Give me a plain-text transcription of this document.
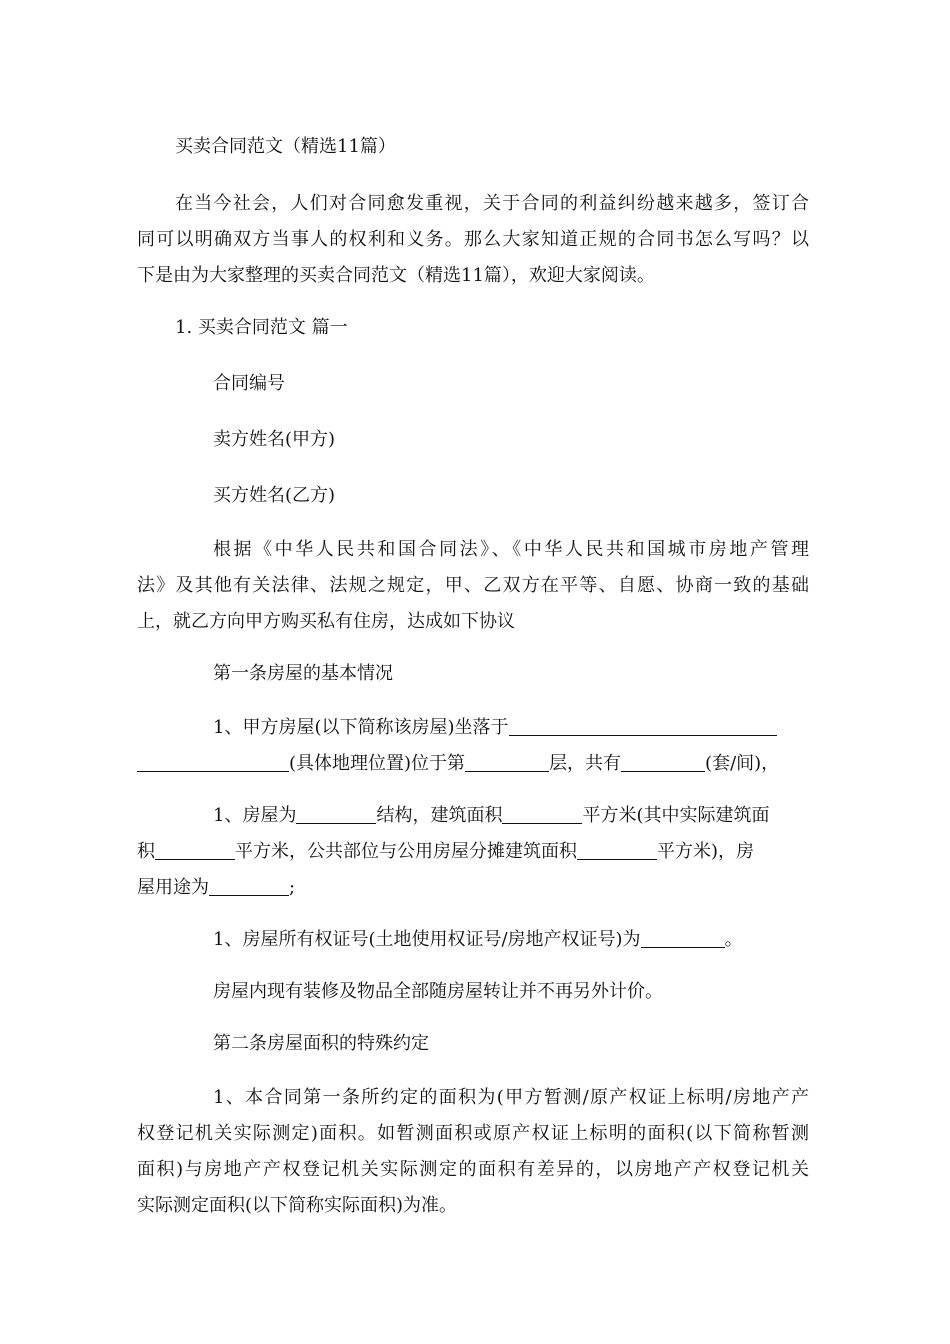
买卖合同范文（精选11篇）

在当今社会，人们对合同愈发重视，关于合同的利益纠纷越来越多，签订合

同可以明确双方当事人的权利和义务。那么大家知道正规的合同书怎么写吗？以

下是由为大家整理的买卖合同范文（精选11篇），欢迎大家阅读。

1. 买卖合同范文 篇一

合同编号

卖方姓名(甲方)

买方姓名(乙方)

根据《中华人民共和国合同法》、《中华人民共和国城市房地产管理

法》及其他有关法律、法规之规定，甲、乙双方在平等、自愿、协商一致的基础

上，就乙方向甲方购买私有住房，达成如下协议

第一条房屋的基本情况

1、甲方房屋(以下简称该房屋)坐落于

(具体地理位置)位于第	层，共有	(套/间)，

1、房屋为	结构，建筑面积	平方米(其中实际建筑面

积	平方米，公共部位与公用房屋分摊建筑面积	平方米)，房

屋用途为	;

1、房屋所有权证号(土地使用权证号/房地产权证号)为	。

房屋内现有装修及物品全部随房屋转让并不再另外计价。

第二条房屋面积的特殊约定

1、本合同第一条所约定的面积为(甲方暂测/原产权证上标明/房地产产

权登记机关实际测定)面积。如暂测面积或原产权证上标明的面积(以下简称暂测

面积)与房地产产权登记机关实际测定的面积有差异的，以房地产产权登记机关

实际测定面积(以下简称实际面积)为准。
